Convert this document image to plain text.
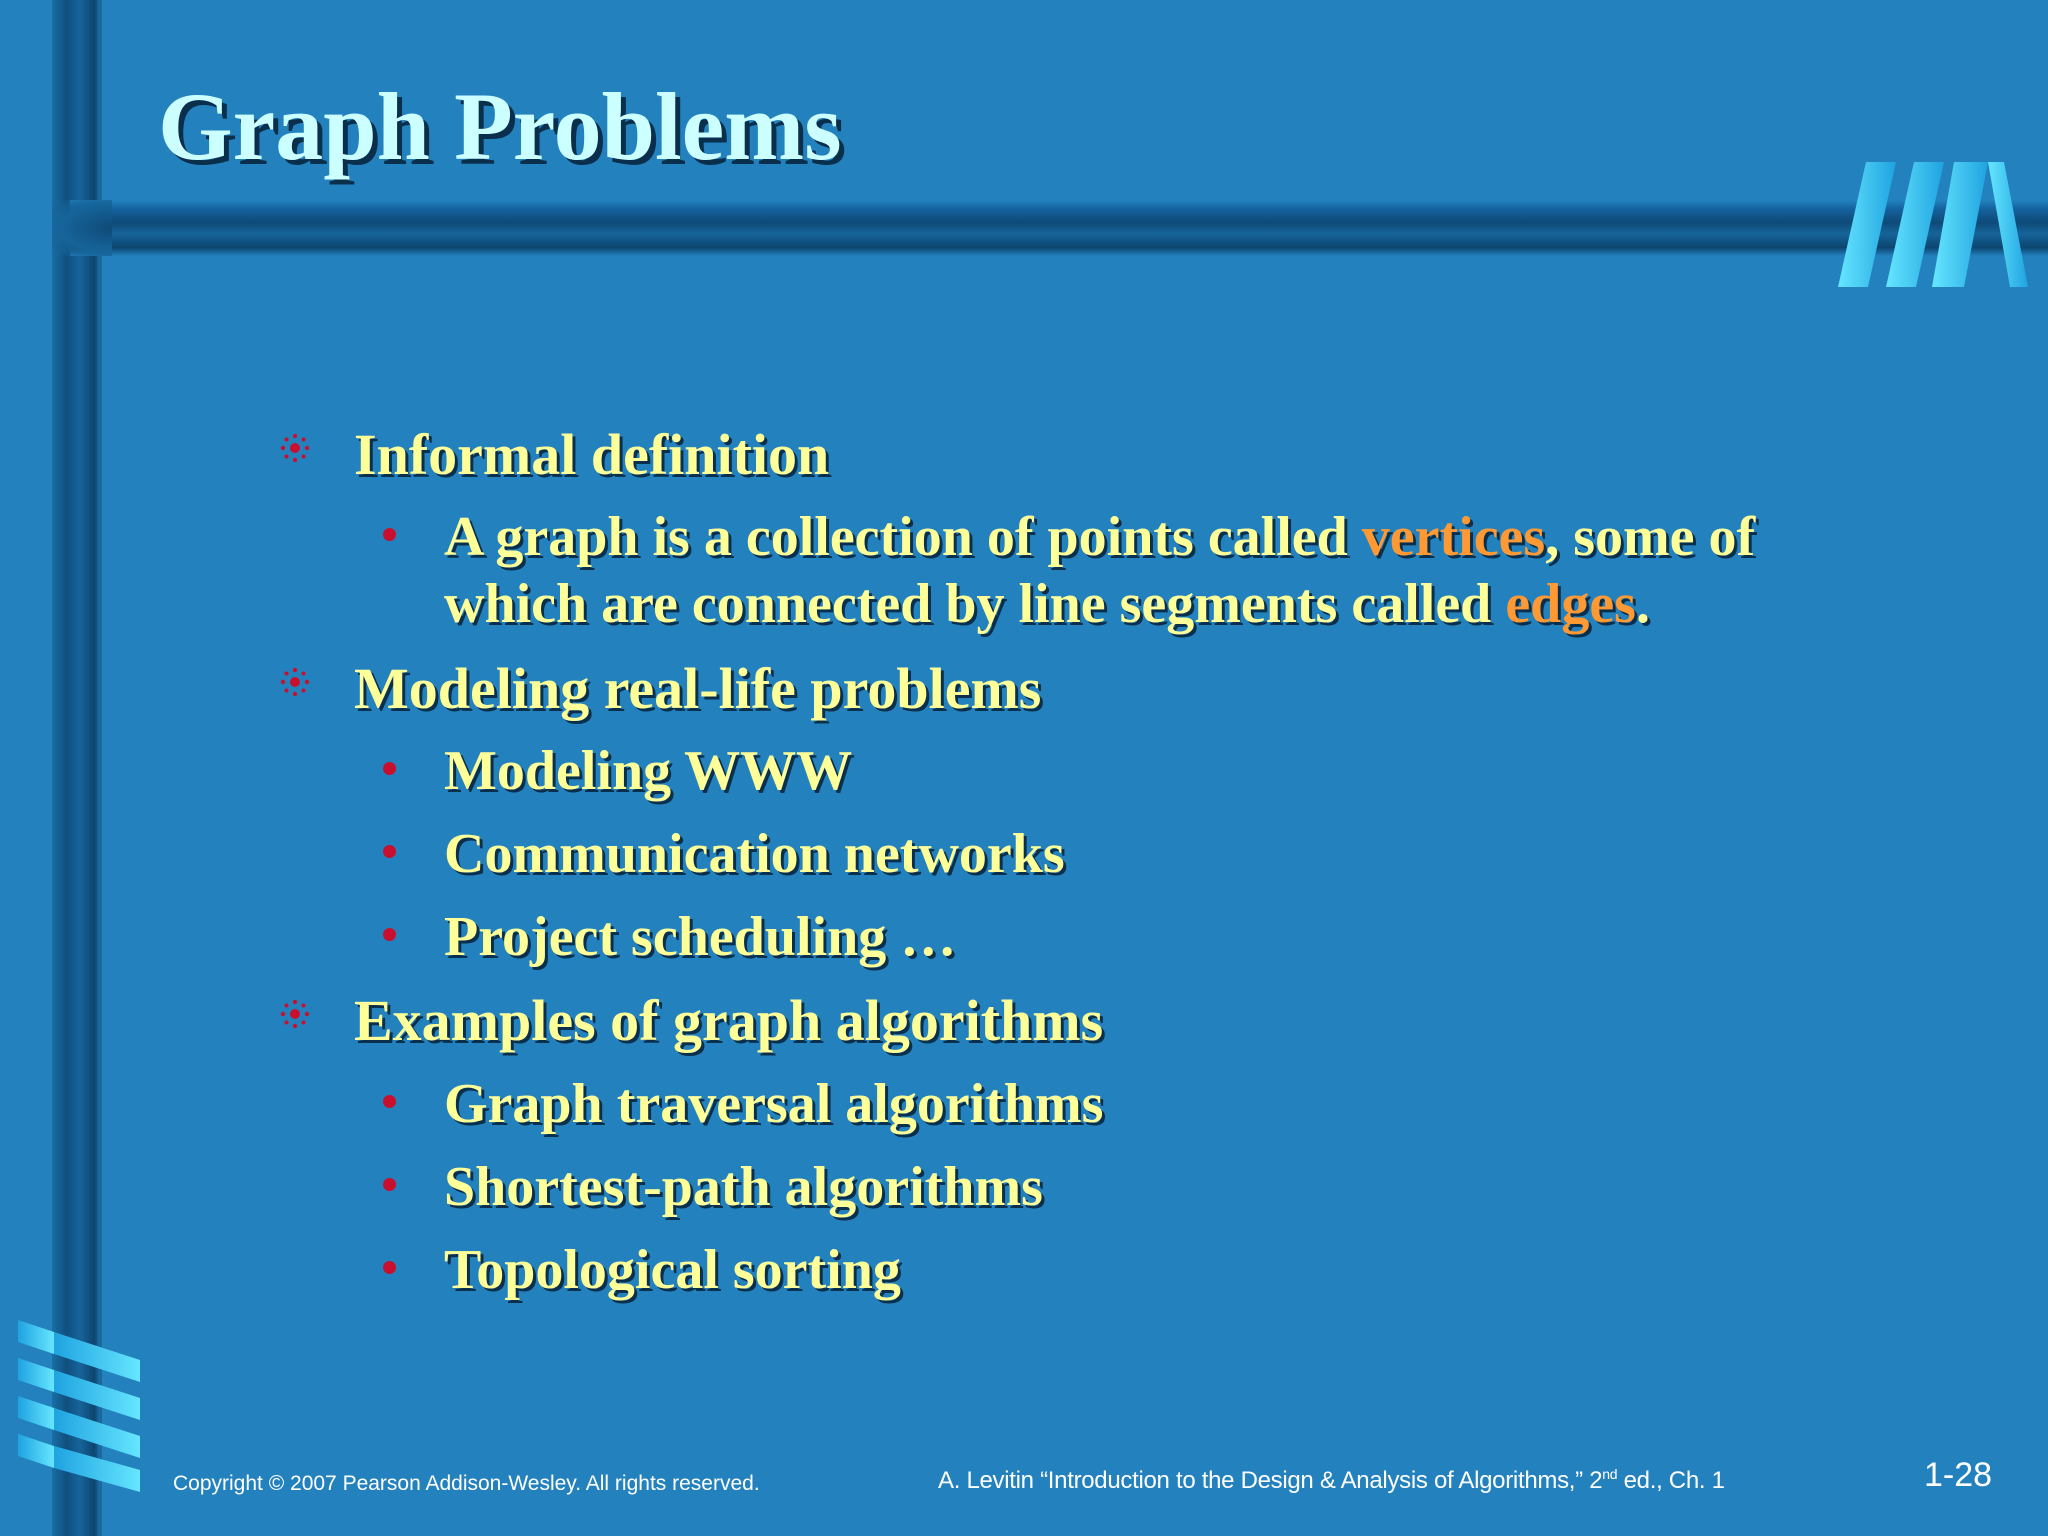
Graph Problems

Informal definition

A graph is a collection of points called vertices, some of

which are connected by line segments called edges.

Modeling real-life problems

Modeling WWW

Communication networks

Project scheduling …

Examples of graph algorithms

Graph traversal algorithms

Shortest-path algorithms

Topological sorting

Copyright © 2007 Pearson Addison-Wesley. All rights reserved.	A. Levitin “Introduction to the Design & Analysis of Algorithms,” 2nd ed., Ch. 1	1-28
